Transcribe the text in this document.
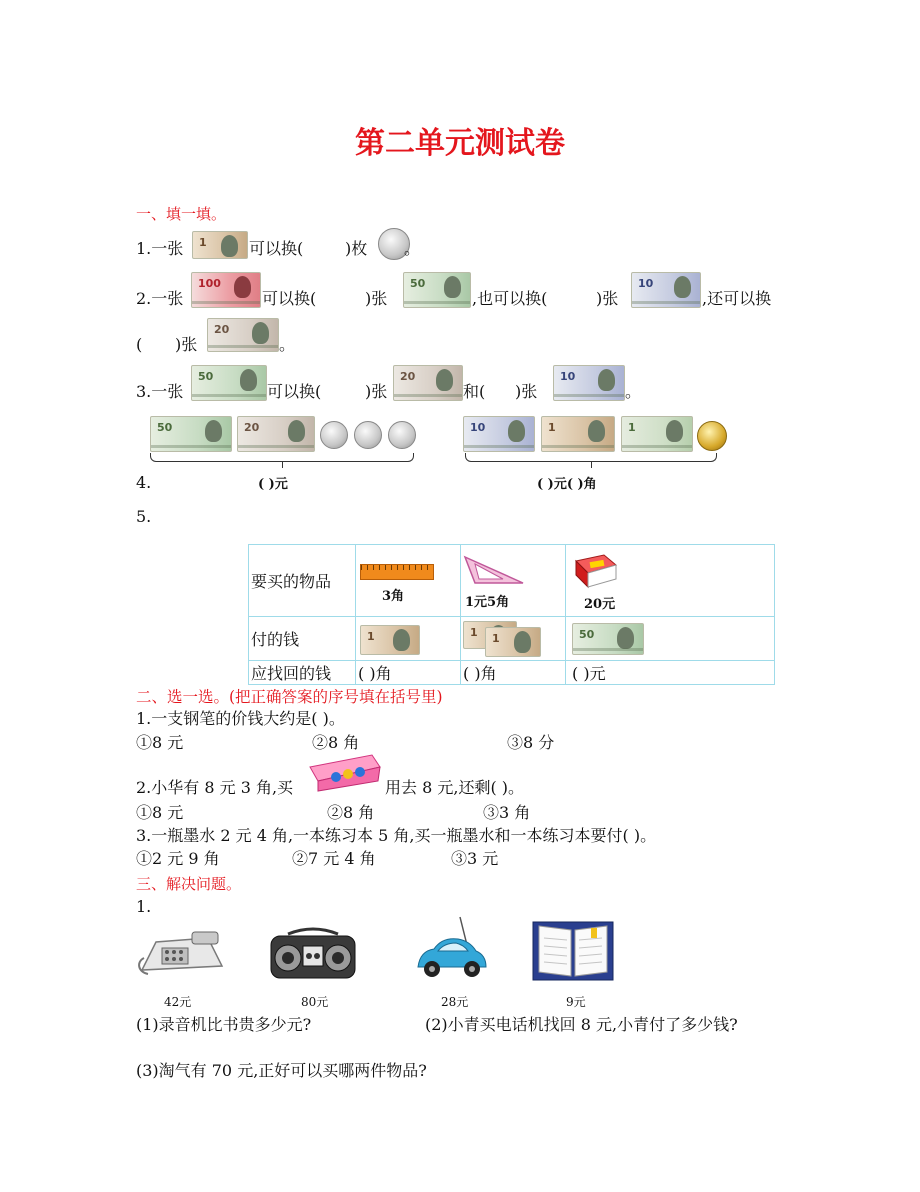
第二单元测试卷
一、填一填。
1.一张 1	可以换(	)枚 。
2.一张
100
可以换(	)张
50
,也可以换(	)张
10
,还可以换
( )张
20
。
3.一张
50
可以换(	)张
20
和( )张
10
。
50	20	10	1	1
4.	( )元	( )元( )角
5.
要买的物品	3角	1元5角	20元

付的钱	1	1 1	50

应找回的钱	( )角	( )角	( )元
二、选一选。(把正确答案的序号填在括号里)
1.一支钢笔的价钱大约是( )。
①8 元	②8 角	③8 分
2.小华有 8 元 3 角,买	用去 8 元,还剩( )。
①8 元	②8 角	③3 角
3.一瓶墨水 2 元 4 角,一本练习本 5 角,买一瓶墨水和一本练习本要付( )。
①2 元 9 角	②7 元 4 角	③3 元
三、解决问题。
1.
42元	80元	28元	9元
(1)录音机比书贵多少元?	(2)小青买电话机找回 8 元,小青付了多少钱?
(3)淘气有 70 元,正好可以买哪两件物品?
